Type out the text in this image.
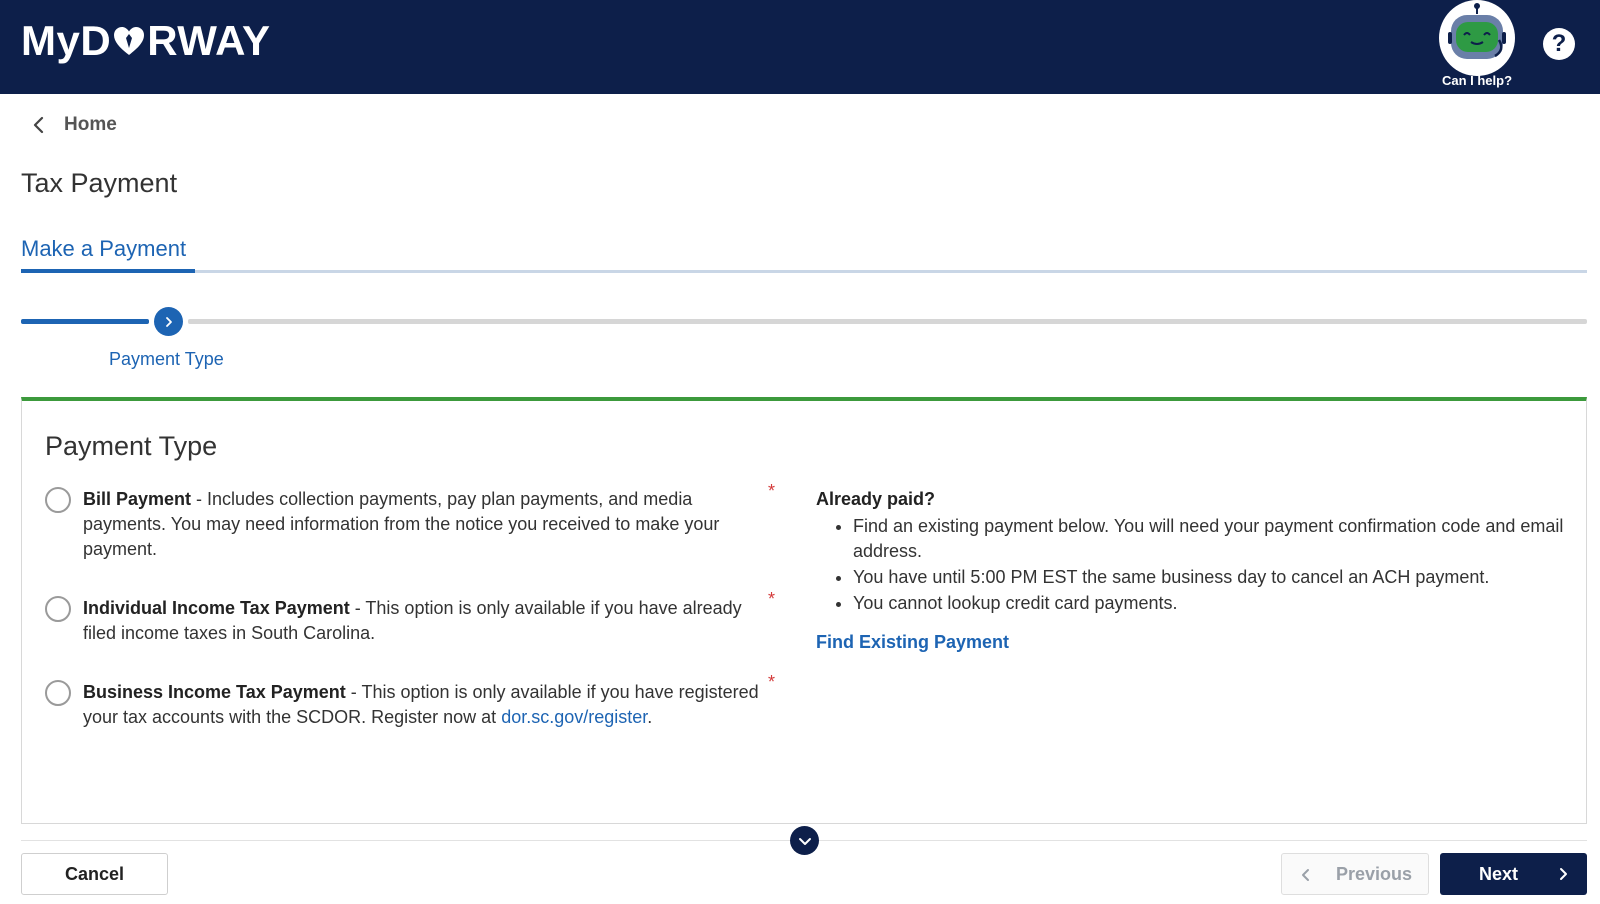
MyD RWAY
Can I help?
?
Home
Tax Payment
Make a Payment
Payment Type
Payment Type
Bill Payment - Includes collection payments, pay plan payments, and media payments. You may need information from the notice you received to make your payment.
*
Individual Income Tax Payment - This option is only available if you have already filed income taxes in South Carolina.
*
Business Income Tax Payment - This option is only available if you have registered your tax accounts with the SCDOR. Register now at dor.sc.gov/register.
*
Already paid?
• Find an existing payment below. You will need your payment confirmation code and email address.
• You have until 5:00 PM EST the same business day to cancel an ACH payment.
• You cannot lookup credit card payments.
Find Existing Payment
Cancel	Previous	Next
